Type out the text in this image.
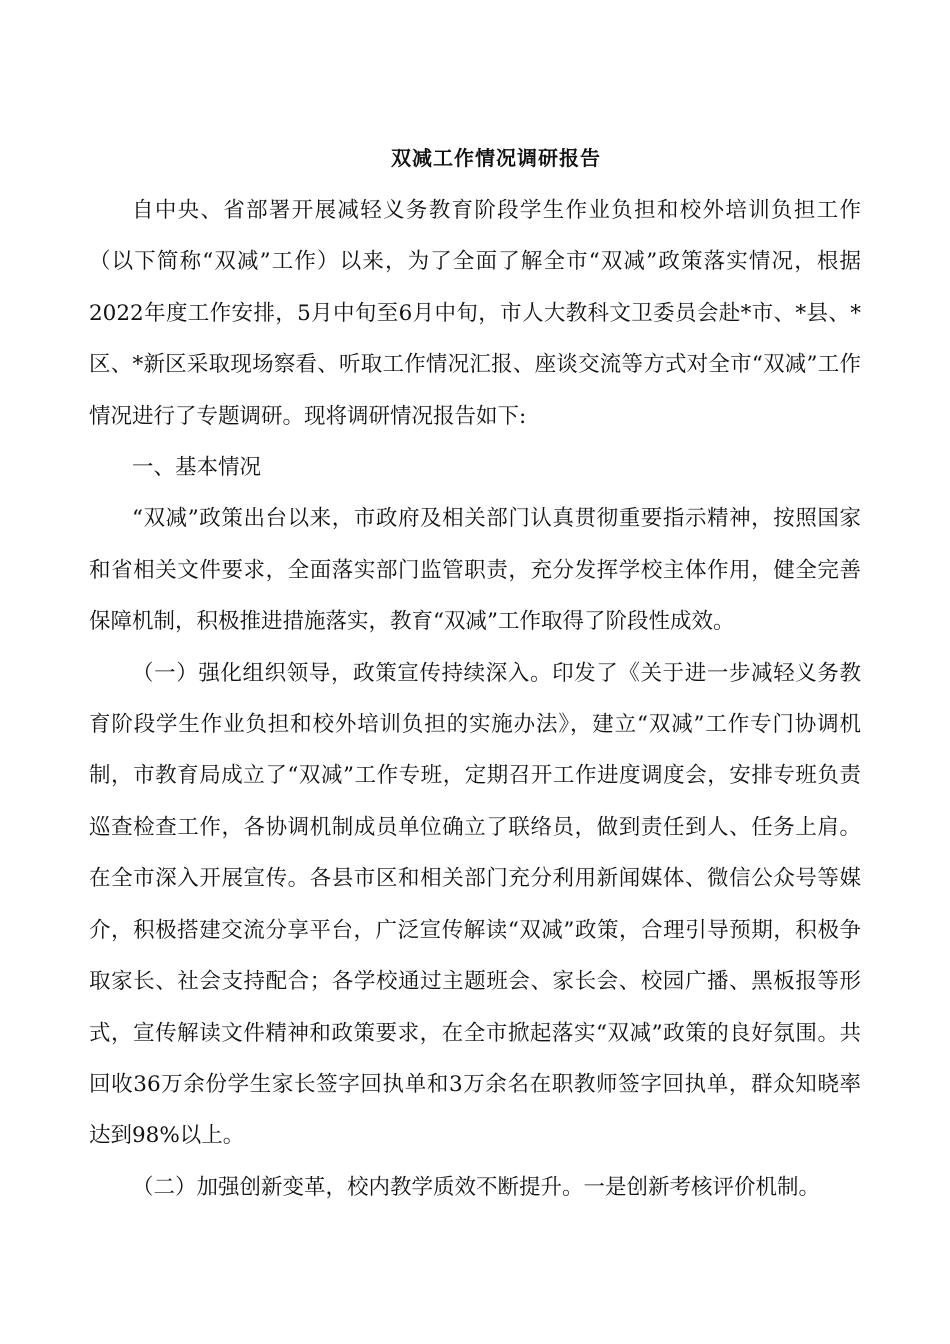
双减工作情况调研报告

自中央、省部署开展减轻义务教育阶段学生作业负担和校外培训负担工作（以下简称“双减”工作）以来，为了全面了解全市“双减”政策落实情况，根据2022年度工作安排，5月中旬至6月中旬，市人大教科文卫委员会赴*市、*县、*区、*新区采取现场察看、听取工作情况汇报、座谈交流等方式对全市“双减”工作情况进行了专题调研。现将调研情况报告如下:

一、基本情况

“双减”政策出台以来，市政府及相关部门认真贯彻重要指示精神，按照国家和省相关文件要求，全面落实部门监管职责，充分发挥学校主体作用，健全完善保障机制，积极推进措施落实，教育“双减”工作取得了阶段性成效。

（一）强化组织领导，政策宣传持续深入。印发了《关于进一步减轻义务教育阶段学生作业负担和校外培训负担的实施办法》，建立“双减”工作专门协调机制，市教育局成立了“双减”工作专班，定期召开工作进度调度会，安排专班负责巡查检查工作，各协调机制成员单位确立了联络员，做到责任到人、任务上肩。在全市深入开展宣传。各县市区和相关部门充分利用新闻媒体、微信公众号等媒介，积极搭建交流分享平台，广泛宣传解读“双减”政策，合理引导预期，积极争取家长、社会支持配合；各学校通过主题班会、家长会、校园广播、黑板报等形式，宣传解读文件精神和政策要求，在全市掀起落实“双减”政策的良好氛围。共回收36万余份学生家长签字回执单和3万余名在职教师签字回执单，群众知晓率达到98%以上。

（二）加强创新变革，校内教学质效不断提升。一是创新考核评价机制。
